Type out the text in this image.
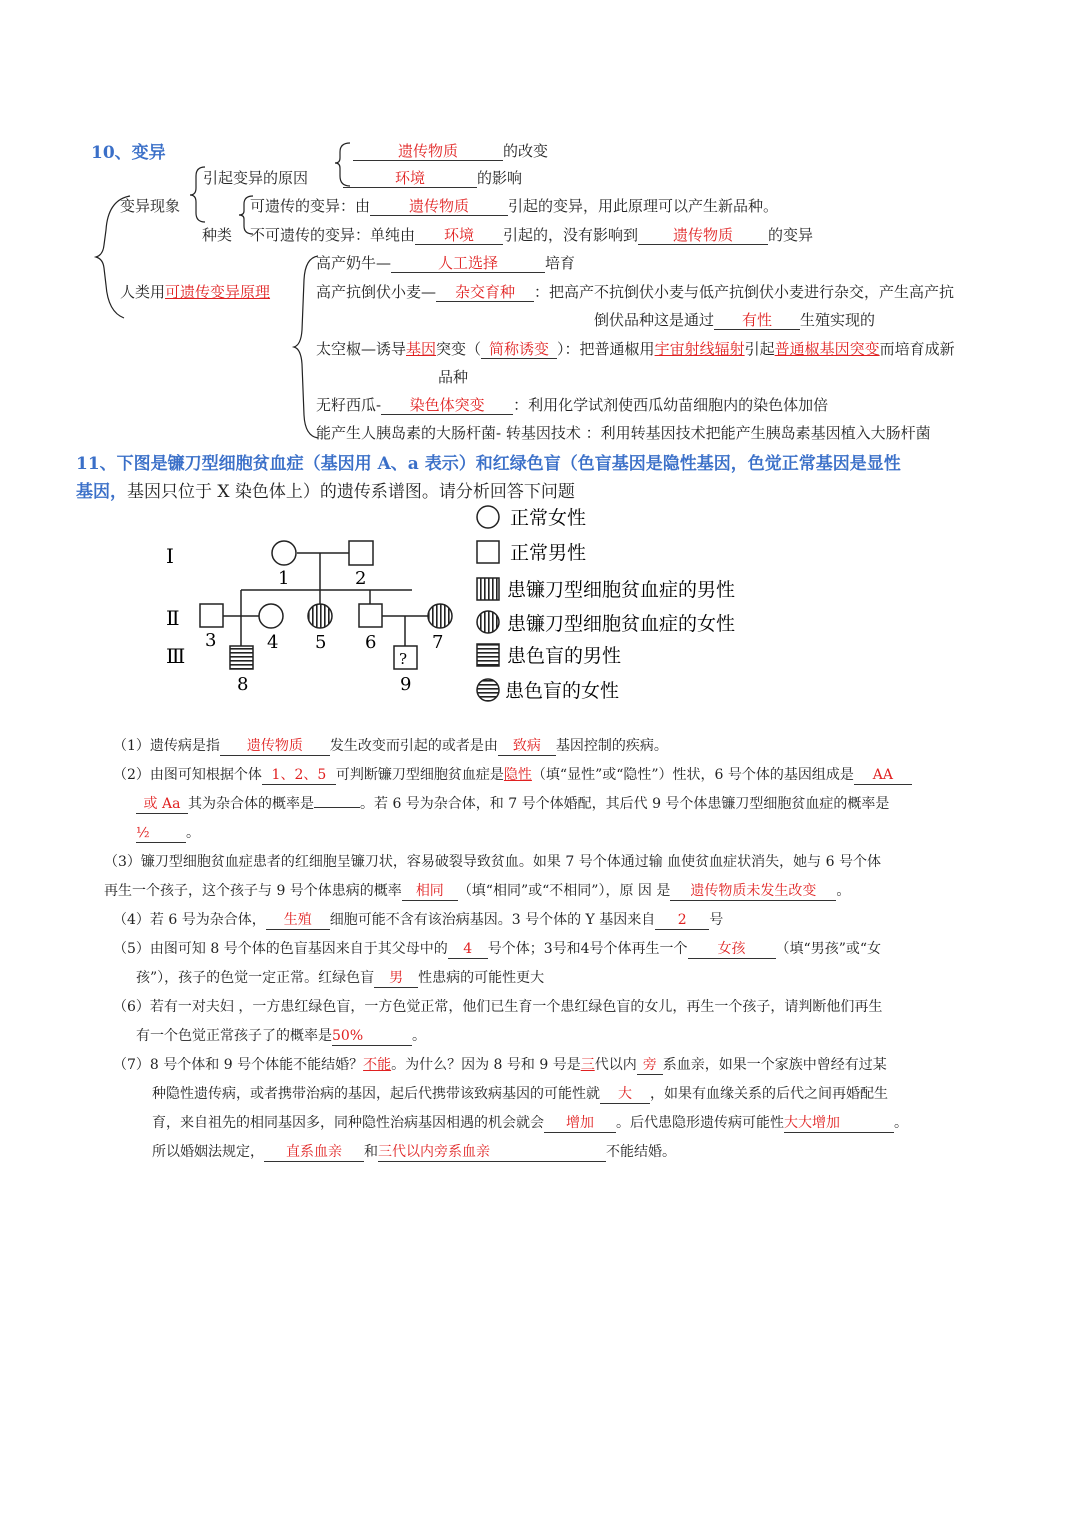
10、变异	遗传物质	的改变
引起变异的原因	环境	的影响
变异现象	可遗传的变异：由	遗传物质	引起的变异，用此原理可以产生新品种。
种类 不可遗传的变异：单纯由 环境 引起的，没有影响到 遗传物质 的变异
人类用可遗传变异原理
高产奶牛—	人工选择	培育
高产抗倒伏小麦— 杂交育种 ：把高产不抗倒伏小麦与低产抗倒伏小麦进行杂交，产生高产抗
倒伏品种这是通过 有性 生殖实现的
太空椒—诱导基因突变（ 简称诱变 ）：把普通椒用宇宙射线辐射引起普通椒基因突变而培育成新
品种
无籽西瓜- 染色体突变 ：利用化学试剂使西瓜幼苗细胞内的染色体加倍
能产生人胰岛素的大肠杆菌- 转基因技术 ：利用转基因技术把能产生胰岛素基因植入大肠杆菌
11、下图是镰刀型细胞贫血症（基因用 A、a 表示）和红绿色盲（色盲基因是隐性基因，色觉正常基因是显性
基因，基因只位于 X 染色体上）的遗传系谱图。请分析回答下问题
I
Ⅱ
Ⅲ	?
1	2
3	4 5 6	7
8	9
正常女性
正常男性
患镰刀型细胞贫血症的男性
患镰刀型细胞贫血症的女性
患色盲的男性
患色盲的女性
（1）遗传病是指 遗传物质 发生改变而引起的或者是由 致病 基因控制的疾病。
（2）由图可知根据个体 1、2、5 可判断镰刀型细胞贫血症是隐性（填“显性”或“隐性”）性状，6 号个体的基因组成是 AA
或 Aa 其为杂合体的概率是	。若 6 号为杂合体，和 7 号个体婚配，其后代 9 号个体患镰刀型细胞贫血症的概率是
½	。
（3）镰刀型细胞贫血症患者的红细胞呈镰刀状，容易破裂导致贫血。如果 7 号个体通过输 血使贫血症状消失，她与 6 号个体
再生一个孩子，这个孩子与 9 号个体患病的概率 相同 （填“相同”或“不相同”），原 因 是 遗传物质未发生改变 。
（4）若 6 号为杂合体， 生殖 细胞可能不含有该治病基因。3 号个体的 Y 基因来自 2 号
（5）由图可知 8 号个体的色盲基因来自于其父母中的 4 号个体；3号和4号个体再生一个 女孩 （填“男孩”或“女
孩”），孩子的色觉一定正常。红绿色盲 男 性患病的可能性更大
（6）若有一对夫妇 ，一方患红绿色盲，一方色觉正常，他们已生育一个患红绿色盲的女儿，再生一个孩子，请判断他们再生
有一个色觉正常孩子了的概率是50%	。
（7）8 号个体和 9 号个体能不能结婚？不能。为什么？因为 8 号和 9 号是三代以内 旁 系血亲，如果一个家族中曾经有过某
种隐性遗传病，或者携带治病的基因，起后代携带该致病基因的可能性就 大 ，如果有血缘关系的后代之间再婚配生
育，来自祖先的相同基因多，同种隐性治病基因相遇的机会就会 增加 。后代患隐形遗传病可能性大大增加	。
所以婚姻法规定， 直系血亲 和三代以内旁系血亲	不能结婚。
